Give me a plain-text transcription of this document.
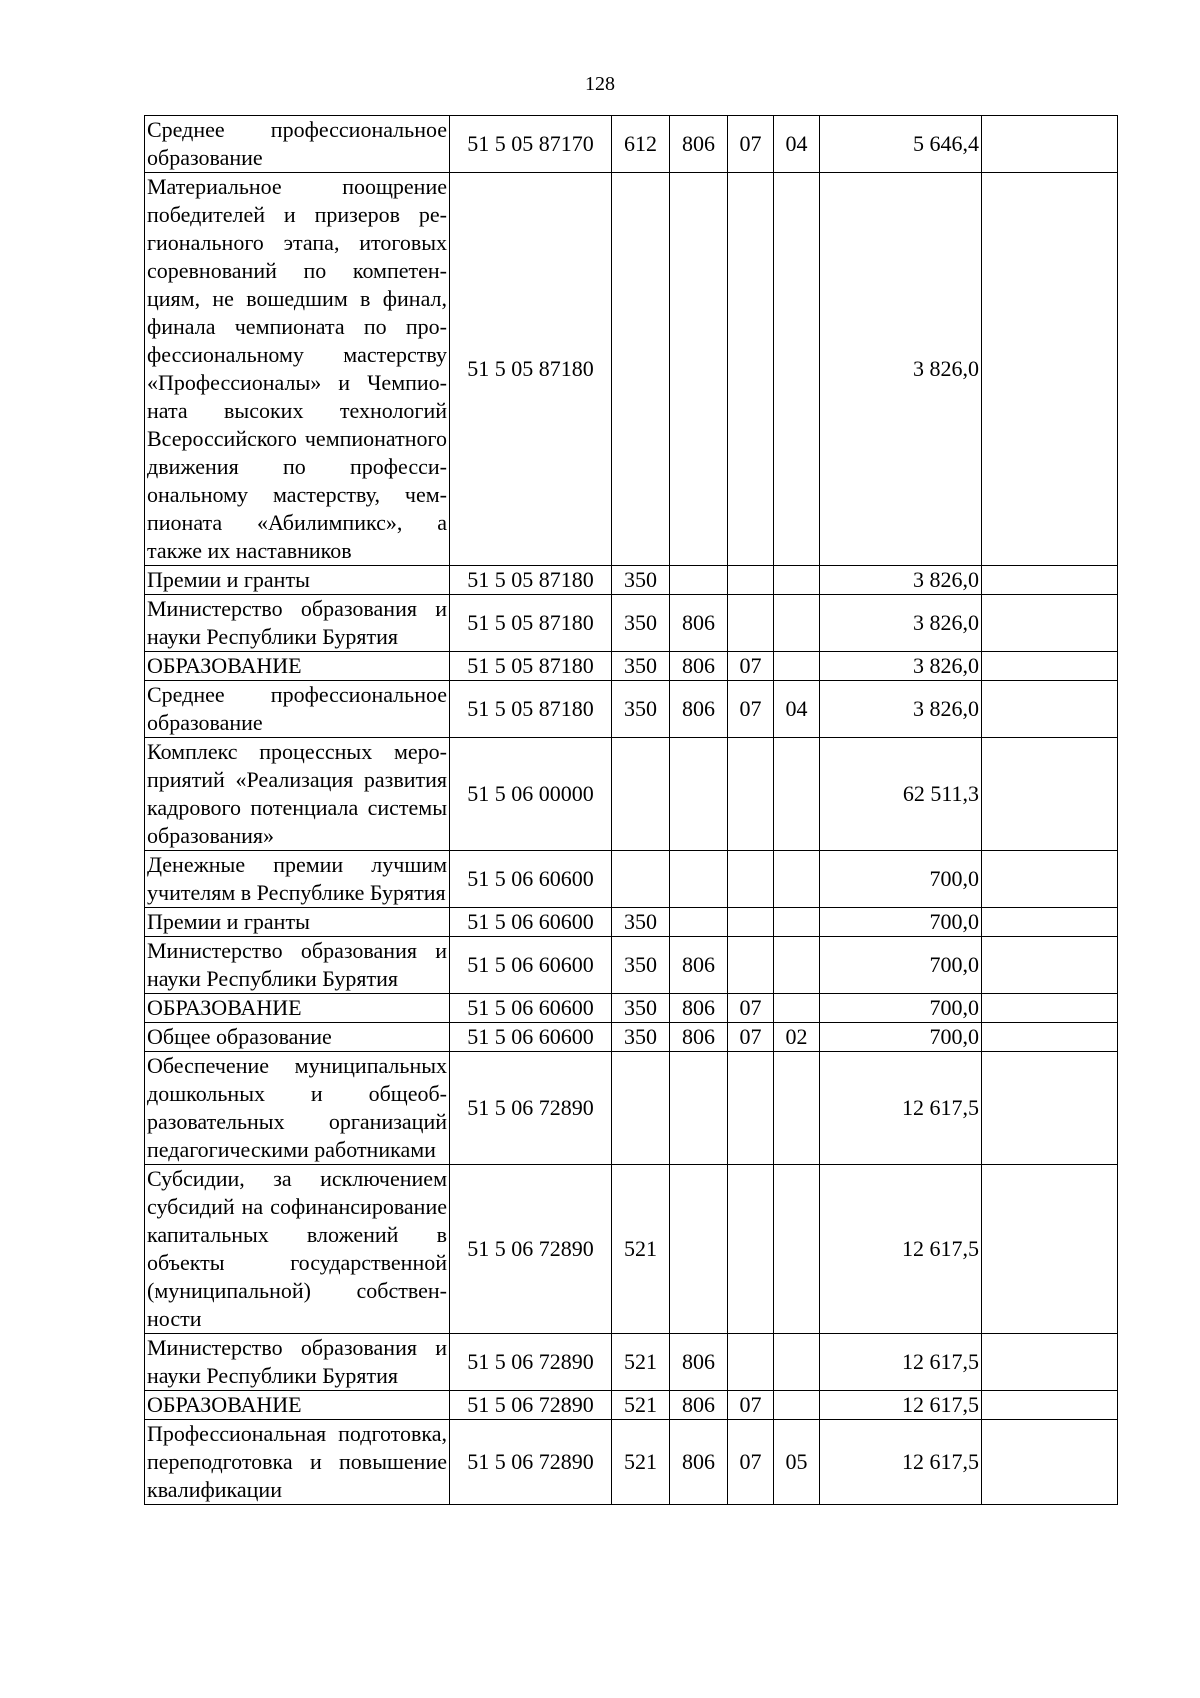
128
Среднее профессиональное образование	51 5 05 87170	612	806	07	04	5 646,4	
Материальное поощрение победителей и призеров регионального этапа, итоговых соревнований по компетенциям, не вошедшим в финал, финала чемпионата по профессиональному мастерству «Профессионалы» и Чемпионата высоких технологий Всероссийского чемпионатного движения по профессиональному мастерству, чемпионата «Абилимпикс», а также их наставников	51 5 05 87180					3 826,0	
Премии и гранты	51 5 05 87180	350				3 826,0	
Министерство образования и науки Республики Бурятия	51 5 05 87180	350	806			3 826,0	
ОБРАЗОВАНИЕ	51 5 05 87180	350	806	07		3 826,0	
Среднее профессиональное образование	51 5 05 87180	350	806	07	04	3 826,0	
Комплекс процессных мероприятий «Реализация развития кадрового потенциала системы образования»	51 5 06 00000					62 511,3	
Денежные премии лучшим учителям в Республике Бурятия	51 5 06 60600					700,0	
Премии и гранты	51 5 06 60600	350				700,0	
Министерство образования и науки Республики Бурятия	51 5 06 60600	350	806			700,0	
ОБРАЗОВАНИЕ	51 5 06 60600	350	806	07		700,0	
Общее образование	51 5 06 60600	350	806	07	02	700,0	
Обеспечение муниципальных дошкольных и общеобразовательных организаций педагогическими работниками	51 5 06 72890					12 617,5	
Субсидии, за исключением субсидий на софинансирование капитальных вложений в объекты государственной (муниципальной) собственности	51 5 06 72890	521				12 617,5	
Министерство образования и науки Республики Бурятия	51 5 06 72890	521	806			12 617,5	
ОБРАЗОВАНИЕ	51 5 06 72890	521	806	07		12 617,5	
Профессиональная подготовка, переподготовка и повышение квалификации	51 5 06 72890	521	806	07	05	12 617,5	
